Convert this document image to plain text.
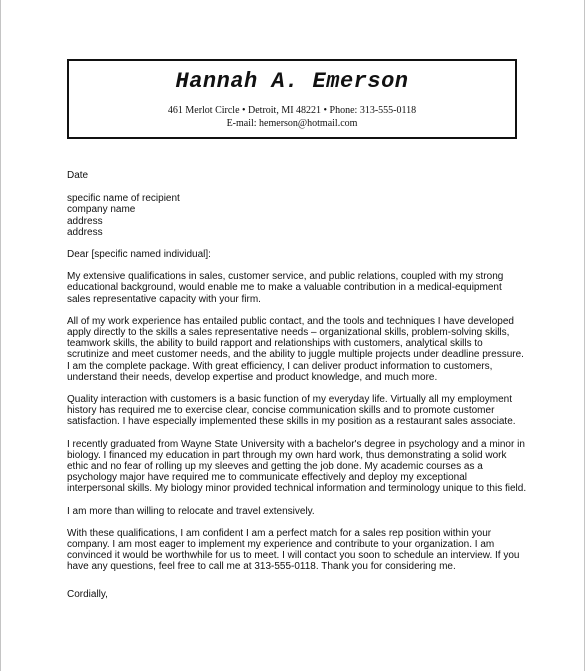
Hannah A. Emerson
461 Merlot Circle • Detroit, MI 48221 • Phone: 313-555-0118
E-mail: hemerson@hotmail.com

Date

specific name of recipient
company name
address
address

Dear [specific named individual]:

My extensive qualifications in sales, customer service, and public relations, coupled with my strong educational background, would enable me to make a valuable contribution in a medical-equipment sales representative capacity with your firm.

All of my work experience has entailed public contact, and the tools and techniques I have developed apply directly to the skills a sales representative needs – organizational skills, problem-solving skills, teamwork skills, the ability to build rapport and relationships with customers, analytical skills to scrutinize and meet customer needs, and the ability to juggle multiple projects under deadline pressure. I am the complete package. With great efficiency, I can deliver product information to customers, understand their needs, develop expertise and product knowledge, and much more.

Quality interaction with customers is a basic function of my everyday life. Virtually all my employment history has required me to exercise clear, concise communication skills and to promote customer satisfaction. I have especially implemented these skills in my position as a restaurant sales associate.

I recently graduated from Wayne State University with a bachelor's degree in psychology and a minor in biology. I financed my education in part through my own hard work, thus demonstrating a solid work ethic and no fear of rolling up my sleeves and getting the job done. My academic courses as a psychology major have required me to communicate effectively and deploy my exceptional interpersonal skills. My biology minor provided technical information and terminology unique to this field.

I am more than willing to relocate and travel extensively.

With these qualifications, I am confident I am a perfect match for a sales rep position within your company. I am most eager to implement my experience and contribute to your organization. I am convinced it would be worthwhile for us to meet. I will contact you soon to schedule an interview. If you have any questions, feel free to call me at 313-555-0118. Thank you for considering me.

Cordially,
